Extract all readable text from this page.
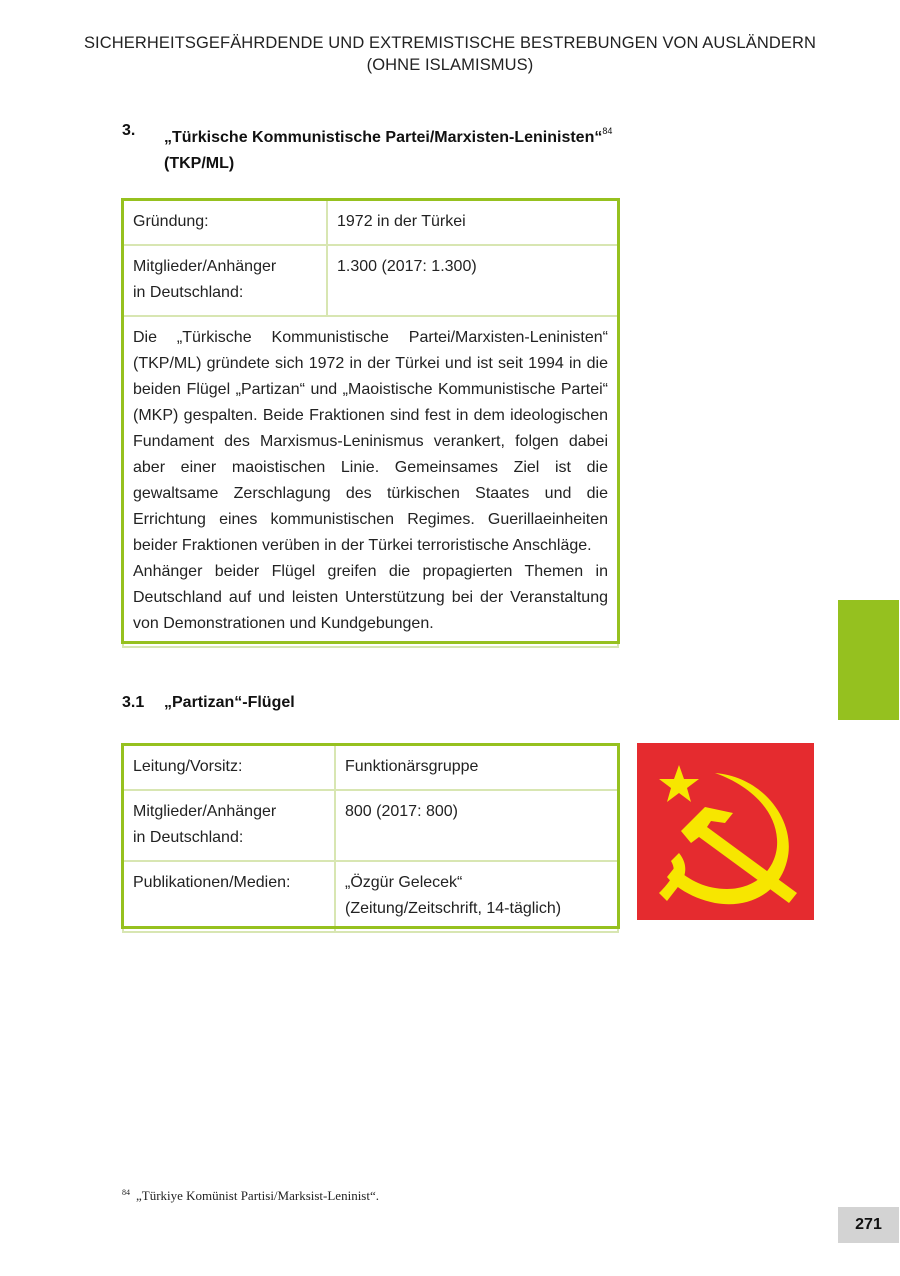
SICHERHEITSGEFÄHRDENDE UND EXTREMISTISCHE BESTREBUNGEN VON AUSLÄNDERN
(OHNE ISLAMISMUS)
3. „Türkische Kommunistische Partei/Marxisten-Leninisten“$^{84}$
(TKP/ML)
Gründung:	1972 in der Türkei
Mitglieder/Anhänger
in Deutschland:	1.300 (2017: 1.300)
Die „Türkische Kommunistische Partei/Marxisten-Leninisten“ (TKP/ML) gründete sich 1972 in der Türkei und ist seit 1994 in die beiden Flügel „Partizan“ und „Maoistische Kommunistische Partei“ (MKP) gespalten. Beide Fraktionen sind fest in dem ideologischen Fundament des Marxismus-Leninismus verankert, folgen dabei aber einer maoistischen Linie. Gemeinsames Ziel ist die gewaltsame Zerschlagung des türkischen Staates und die Errichtung eines kommunistischen Regimes. Guerillaeinheiten beider Fraktionen verüben in der Türkei terroristische Anschläge.
Anhänger beider Flügel greifen die propagierten Themen in Deutschland auf und leisten Unterstützung bei der Veranstaltung von Demonstrationen und Kundgebungen.	
3.1 „Partizan“-Flügel
Leitung/Vorsitz:	Funktionärsgruppe
Mitglieder/Anhänger
in Deutschland:	800 (2017: 800)
Publikationen/Medien:	„Özgür Gelecek“
(Zeitung/Zeitschrift, 14-täglich)
$^{84}$ „Türkiye Komünist Partisi/Marksist-Leninist“.
271
